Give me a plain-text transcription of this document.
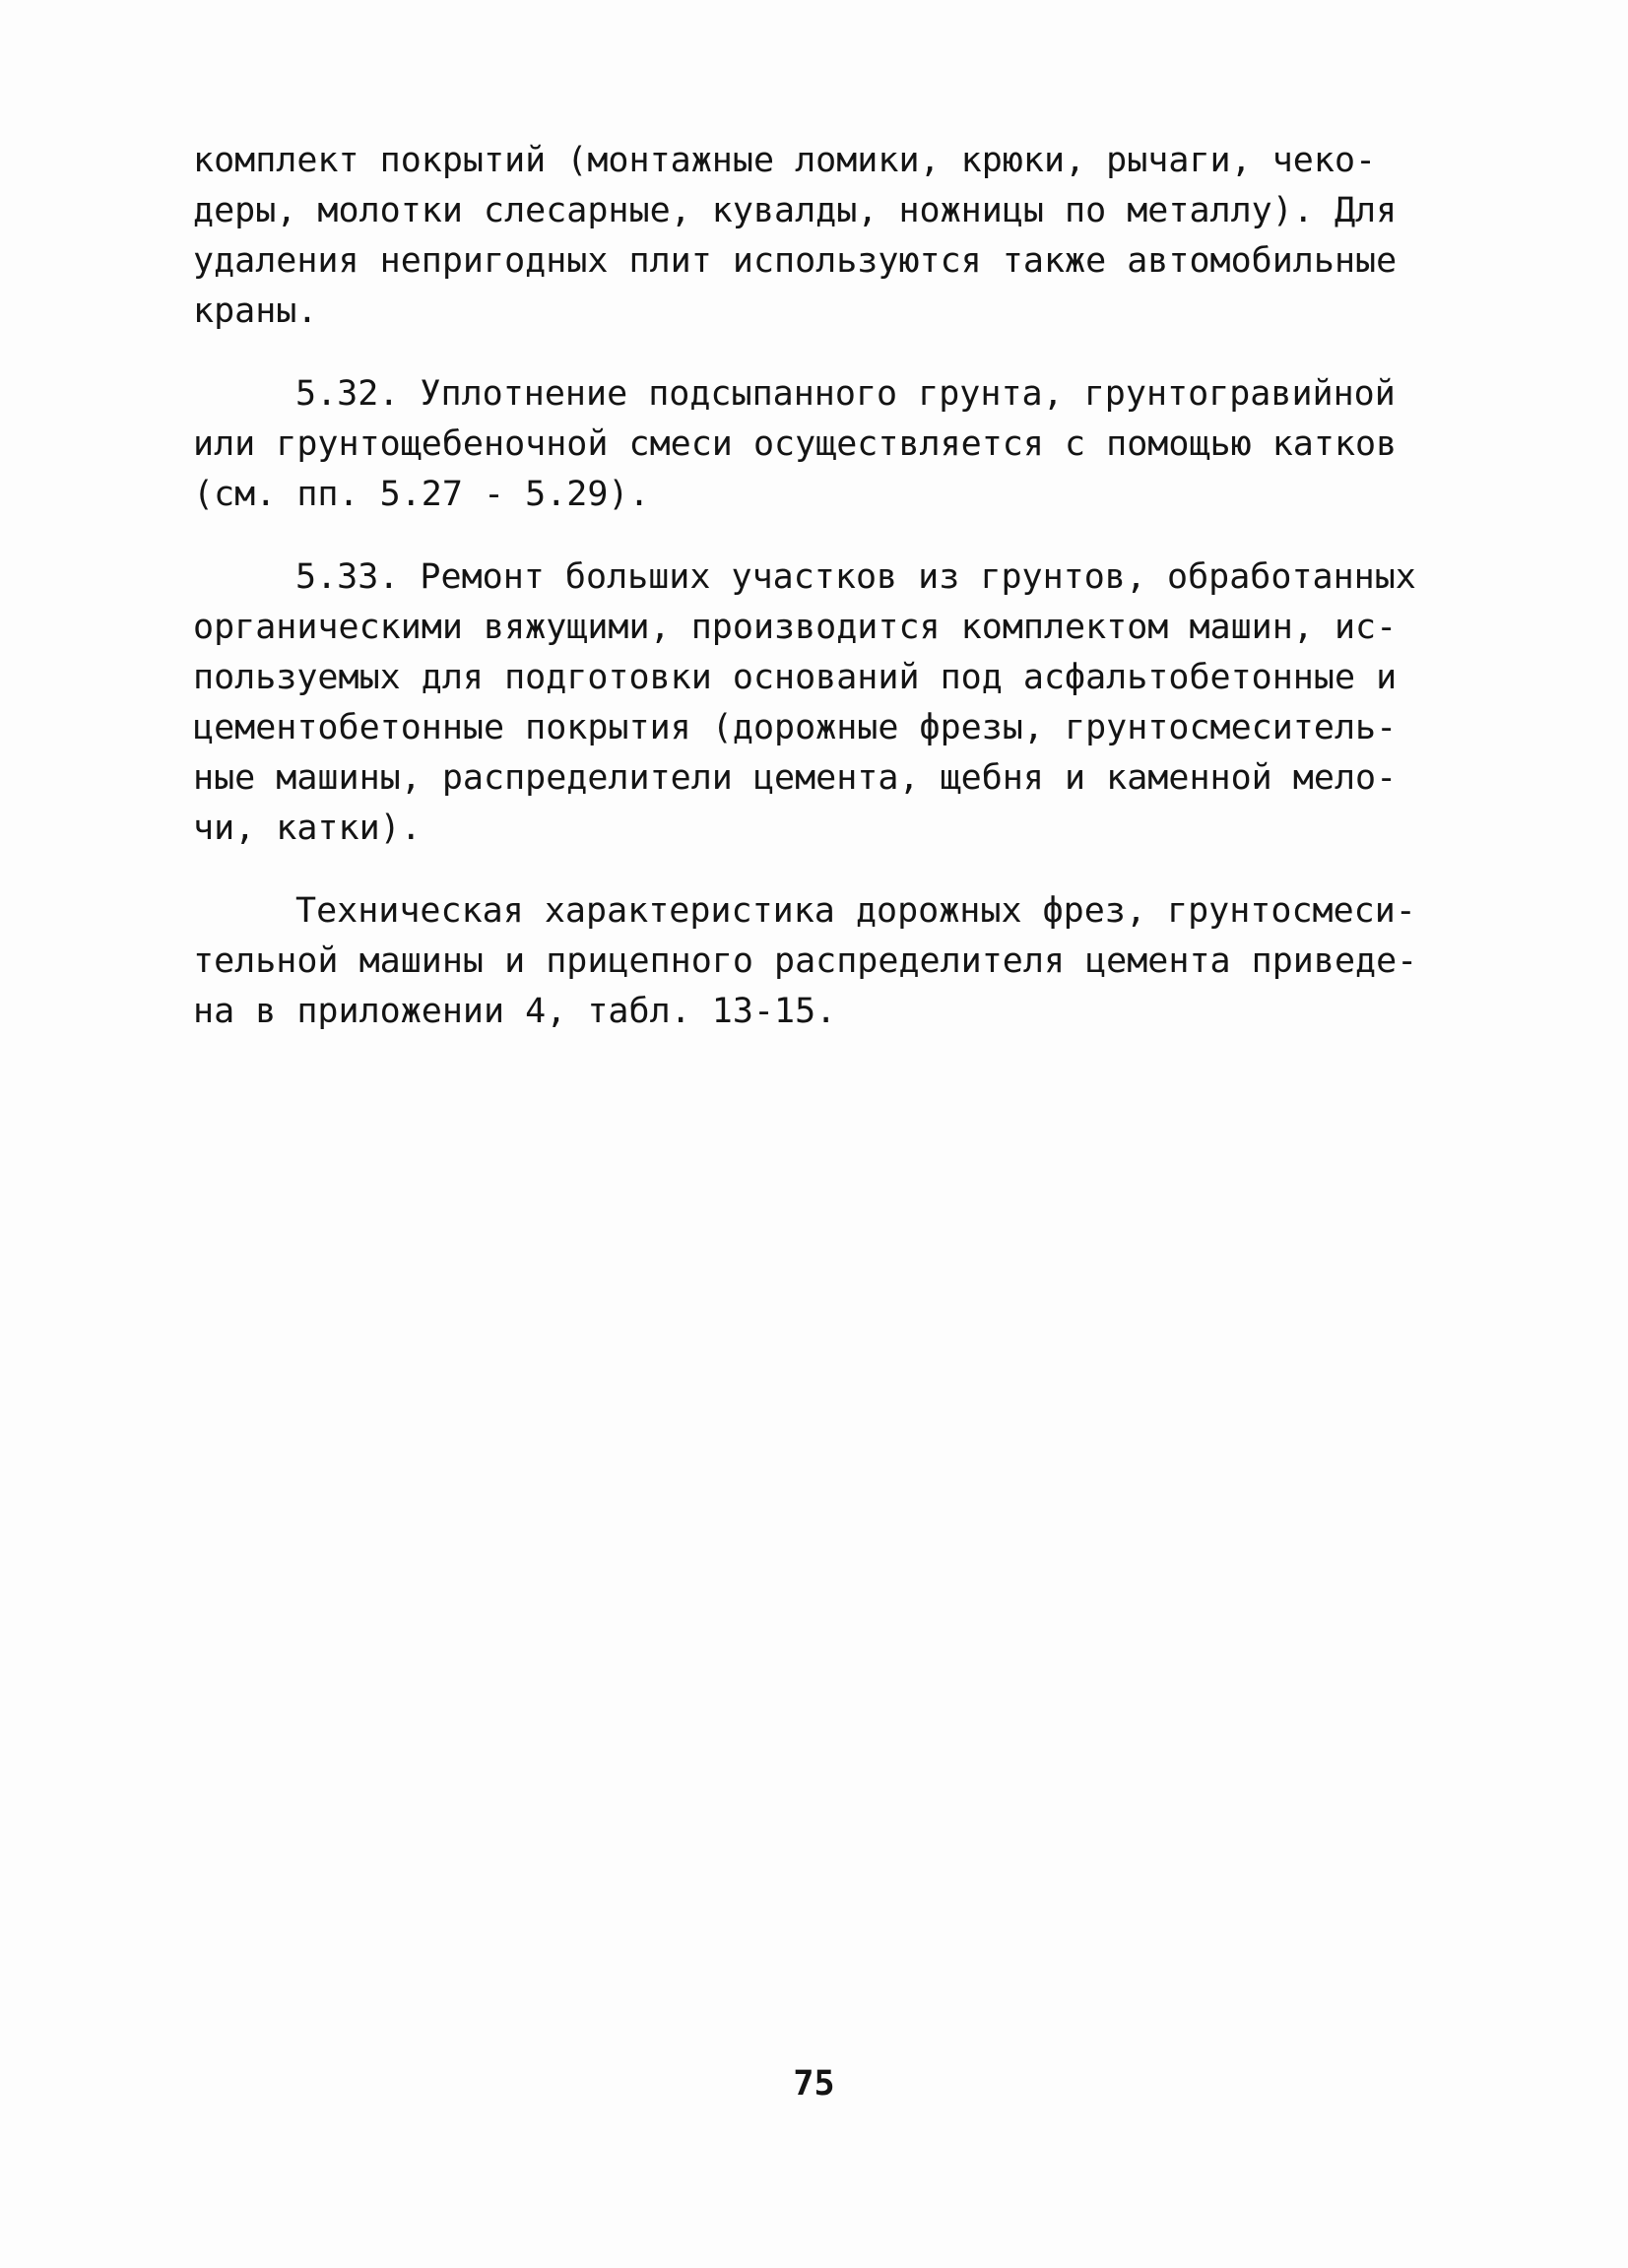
комплект покрытий (монтажные ломики, крюки, рычаги, чеко-
деры, молотки слесарные, кувалды, ножницы по металлу). Для
удаления непригодных плит используются также автомобильные
краны.
5.32. Уплотнение подсыпанного грунта, грунтогравийной
или грунтощебеночной смеси осуществляется с помощью катков
(см. пп. 5.27 - 5.29).
5.33. Ремонт больших участков из грунтов, обработанных
органическими вяжущими, производится комплектом машин, ис-
пользуемых для подготовки оснований под асфальтобетонные и
цементобетонные покрытия (дорожные фрезы, грунтосмеситель-
ные машины, распределители цемента, щебня и каменной мело-
чи, катки).
Техническая характеристика дорожных фрез, грунтосмеси-
тельной машины и прицепного распределителя цемента приведе-
на в приложении 4, табл. 13-15.
75
